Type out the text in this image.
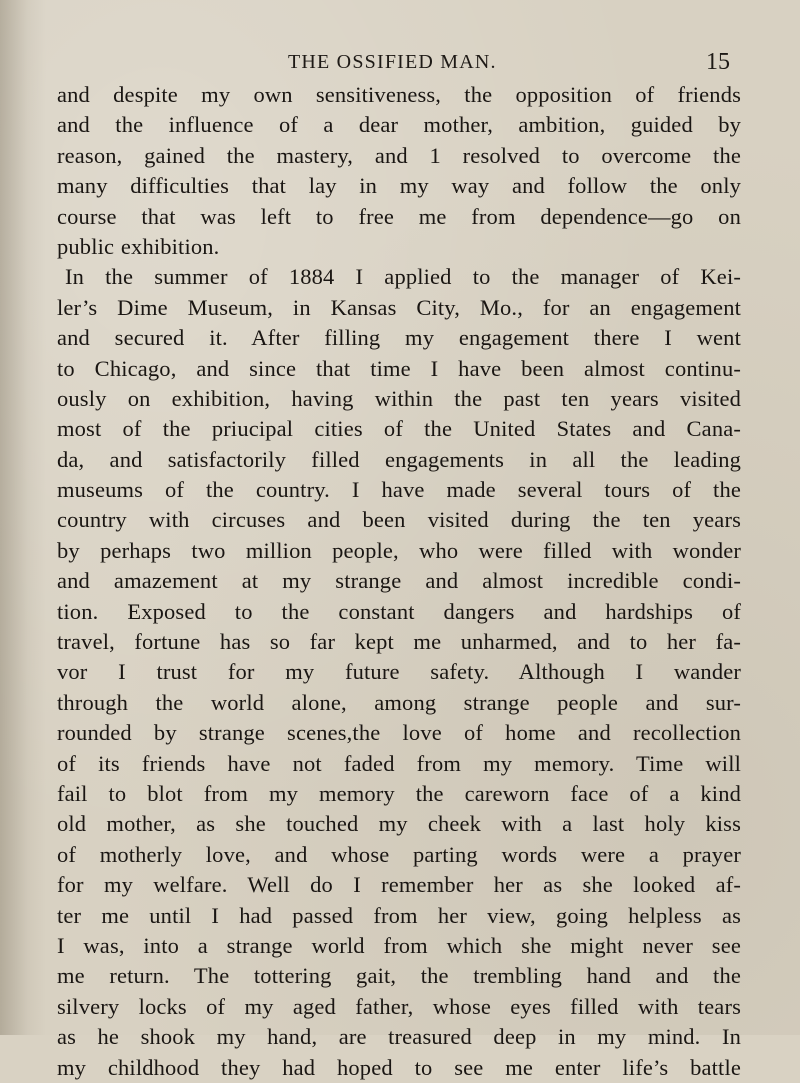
THE OSSIFIED MAN.	15
and despite my own sensitiveness, the opposition of friends
and the influence of a dear mother, ambition, guided by
reason, gained the mastery, and 1 resolved to overcome the
many difficulties that lay in my way and follow the only
course that was left to free me from dependence—go on
public exhibition.
In the summer of 1884 I applied to the manager of Kei-
ler’s Dime Museum, in Kansas City, Mo., for an engagement
and secured it. After filling my engagement there I went
to Chicago, and since that time I have been almost continu-
ously on exhibition, having within the past ten years visited
most of the priucipal cities of the United States and Cana-
da, and satisfactorily filled engagements in all the leading
museums of the country. I have made several tours of the
country with circuses and been visited during the ten years
by perhaps two million people, who were filled with wonder
and amazement at my strange and almost incredible condi-
tion. Exposed to the constant dangers and hardships of
travel, fortune has so far kept me unharmed, and to her fa-
vor I trust for my future safety. Although I wander
through the world alone, among strange people and sur-
rounded by strange scenes,the love of home and recollection
of its friends have not faded from my memory. Time will
fail to blot from my memory the careworn face of a kind
old mother, as she touched my cheek with a last holy kiss
of motherly love, and whose parting words were a prayer
for my welfare. Well do I remember her as she looked af-
ter me until I had passed from her view, going helpless as
I was, into a strange world from which she might never see
me return. The tottering gait, the trembling hand and the
silvery locks of my aged father, whose eyes filled with tears
as he shook my hand, are treasured deep in my mind. In
my childhood they had hoped to see me enter life’s battle
